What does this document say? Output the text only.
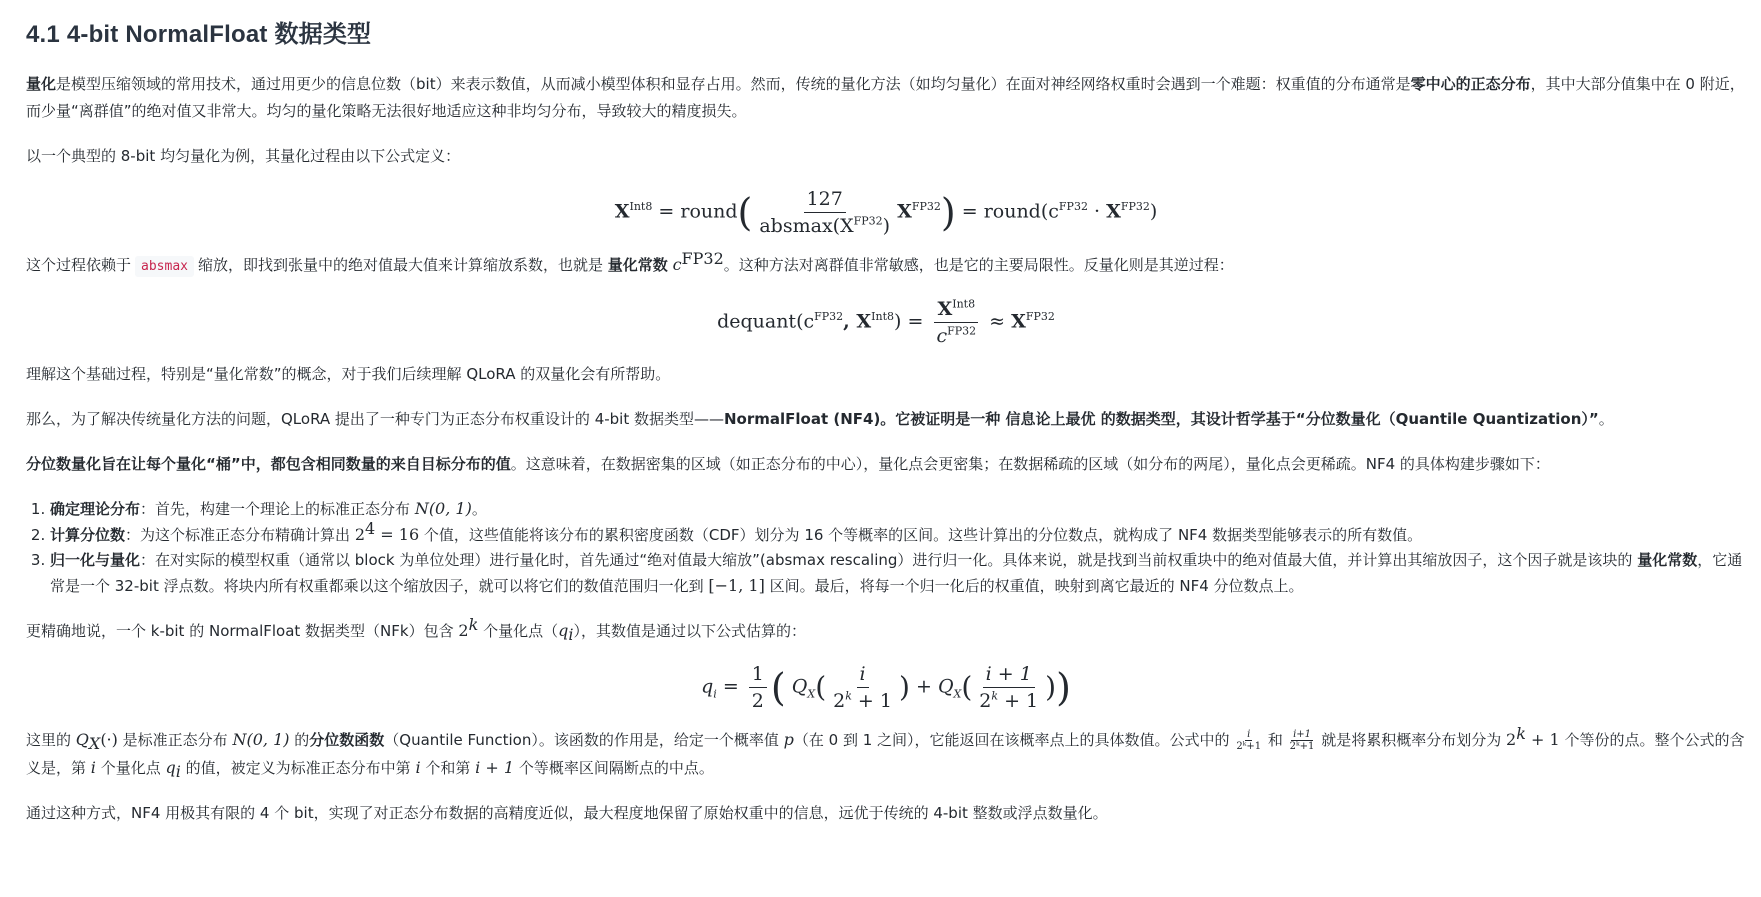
4.1 4-bit NormalFloat 数据类型

量化是模型压缩领域的常用技术，通过用更少的信息位数（bit）来表示数值，从而减小模型体积和显存占用。然而，传统的量化方法（如均匀量化）在面对神经网络权重时会遇到一个难题：权重值的分布通常是零中心的正态分布，其中大部分值集中在 0 附近，而少量“离群值”的绝对值又非常大。均匀的量化策略无法很好地适应这种非均匀分布，导致较大的精度损失。

以一个典型的 8-bit 均匀量化为例，其量化过程由以下公式定义：

$X^{Int8}$ = round( $\frac{127}{absmax(X^{FP32})} X^{FP32}$) = $round(c^{FP32} \cdot X^{FP32})$

这个过程依赖于 absmax 缩放，即找到张量中的绝对值最大值来计算缩放系数，也就是 量化常数 $c^{FP32}$。这种方法对离群值非常敏感，也是它的主要局限性。反量化则是其逆过程：

$dequant(c^{FP32}$, $X^{Int8}) = \frac{X^{Int8}}{c^{FP32}} \approx X^{FP32}$

理解这个基础过程，特别是“量化常数”的概念，对于我们后续理解 QLoRA 的双量化会有所帮助。

那么，为了解决传统量化方法的问题，QLoRA 提出了一种专门为正态分布权重设计的 4-bit 数据类型——NormalFloat (NF4)。它被证明是一种 信息论上最优 的数据类型，其设计哲学基于“分位数量化（Quantile Quantization）”。

分位数量化旨在让每个量化“桶”中，都包含相同数量的来自目标分布的值。这意味着，在数据密集的区域（如正态分布的中心），量化点会更密集；在数据稀疏的区域（如分布的两尾），量化点会更稀疏。NF4 的具体构建步骤如下：

1. 确定理论分布：首先，构建一个理论上的标准正态分布 N(0, 1)。
2. 计算分位数：为这个标准正态分布精确计算出 $2^4 = 16$ 个值，这些值能将该分布的累积密度函数（CDF）划分为 16 个等概率的区间。这些计算出的分位数点，就构成了 NF4 数据类型能够表示的所有数值。
3. 归一化与量化：在对实际的模型权重（通常以 block 为单位处理）进行量化时，首先通过“绝对值最大缩放”(absmax rescaling）进行归一化。具体来说，就是找到当前权重块中的绝对值最大值，并计算出其缩放因子，这个因子就是该块的 量化常数，它通常是一个 32-bit 浮点数。将块内所有权重都乘以这个缩放因子，就可以将它们的数值范围归一化到 [−1, 1] 区间。最后，将每一个归一化后的权重值，映射到离它最近的 NF4 分位数点上。

更精确地说，一个 k-bit 的 NormalFloat 数据类型（NFk）包含 2$^k$ 个量化点$(q_i)$，其数值是通过以下公式估算的：

$q_i = \frac{1}{2}$ ( $Q_X( \frac{i}{2^k + 1}$ ) + $Q_X( \frac{i + 1}{2^k + 1}$ ))

这里的 $Q_X(\cdot)$ 是标准正态分布 N(0, 1) 的分位数函数（Quantile Function）。该函数的作用是，给定一个概率值 p（在 0 到 1 之间），它能返回在该概率点上的具体数值。公式中的 $\frac{i}{\text{2ᵏ+1}}$ 和 $\frac{i+1}{\text{2ᵏ+1}}$ 就是将累积概率分布划分为 $2^k + 1$ 个等份的点。整个公式的含义是，第 i 个量化点 $q_i$ 的值，被定义为标准正态分布中第 i 个和第 i + 1 个等概率区间隔断点的中点。

通过这种方式，NF4 用极其有限的 4 个 bit，实现了对正态分布数据的高精度近似，最大程度地保留了原始权重中的信息，远优于传统的 4-bit 整数或浮点数量化。
